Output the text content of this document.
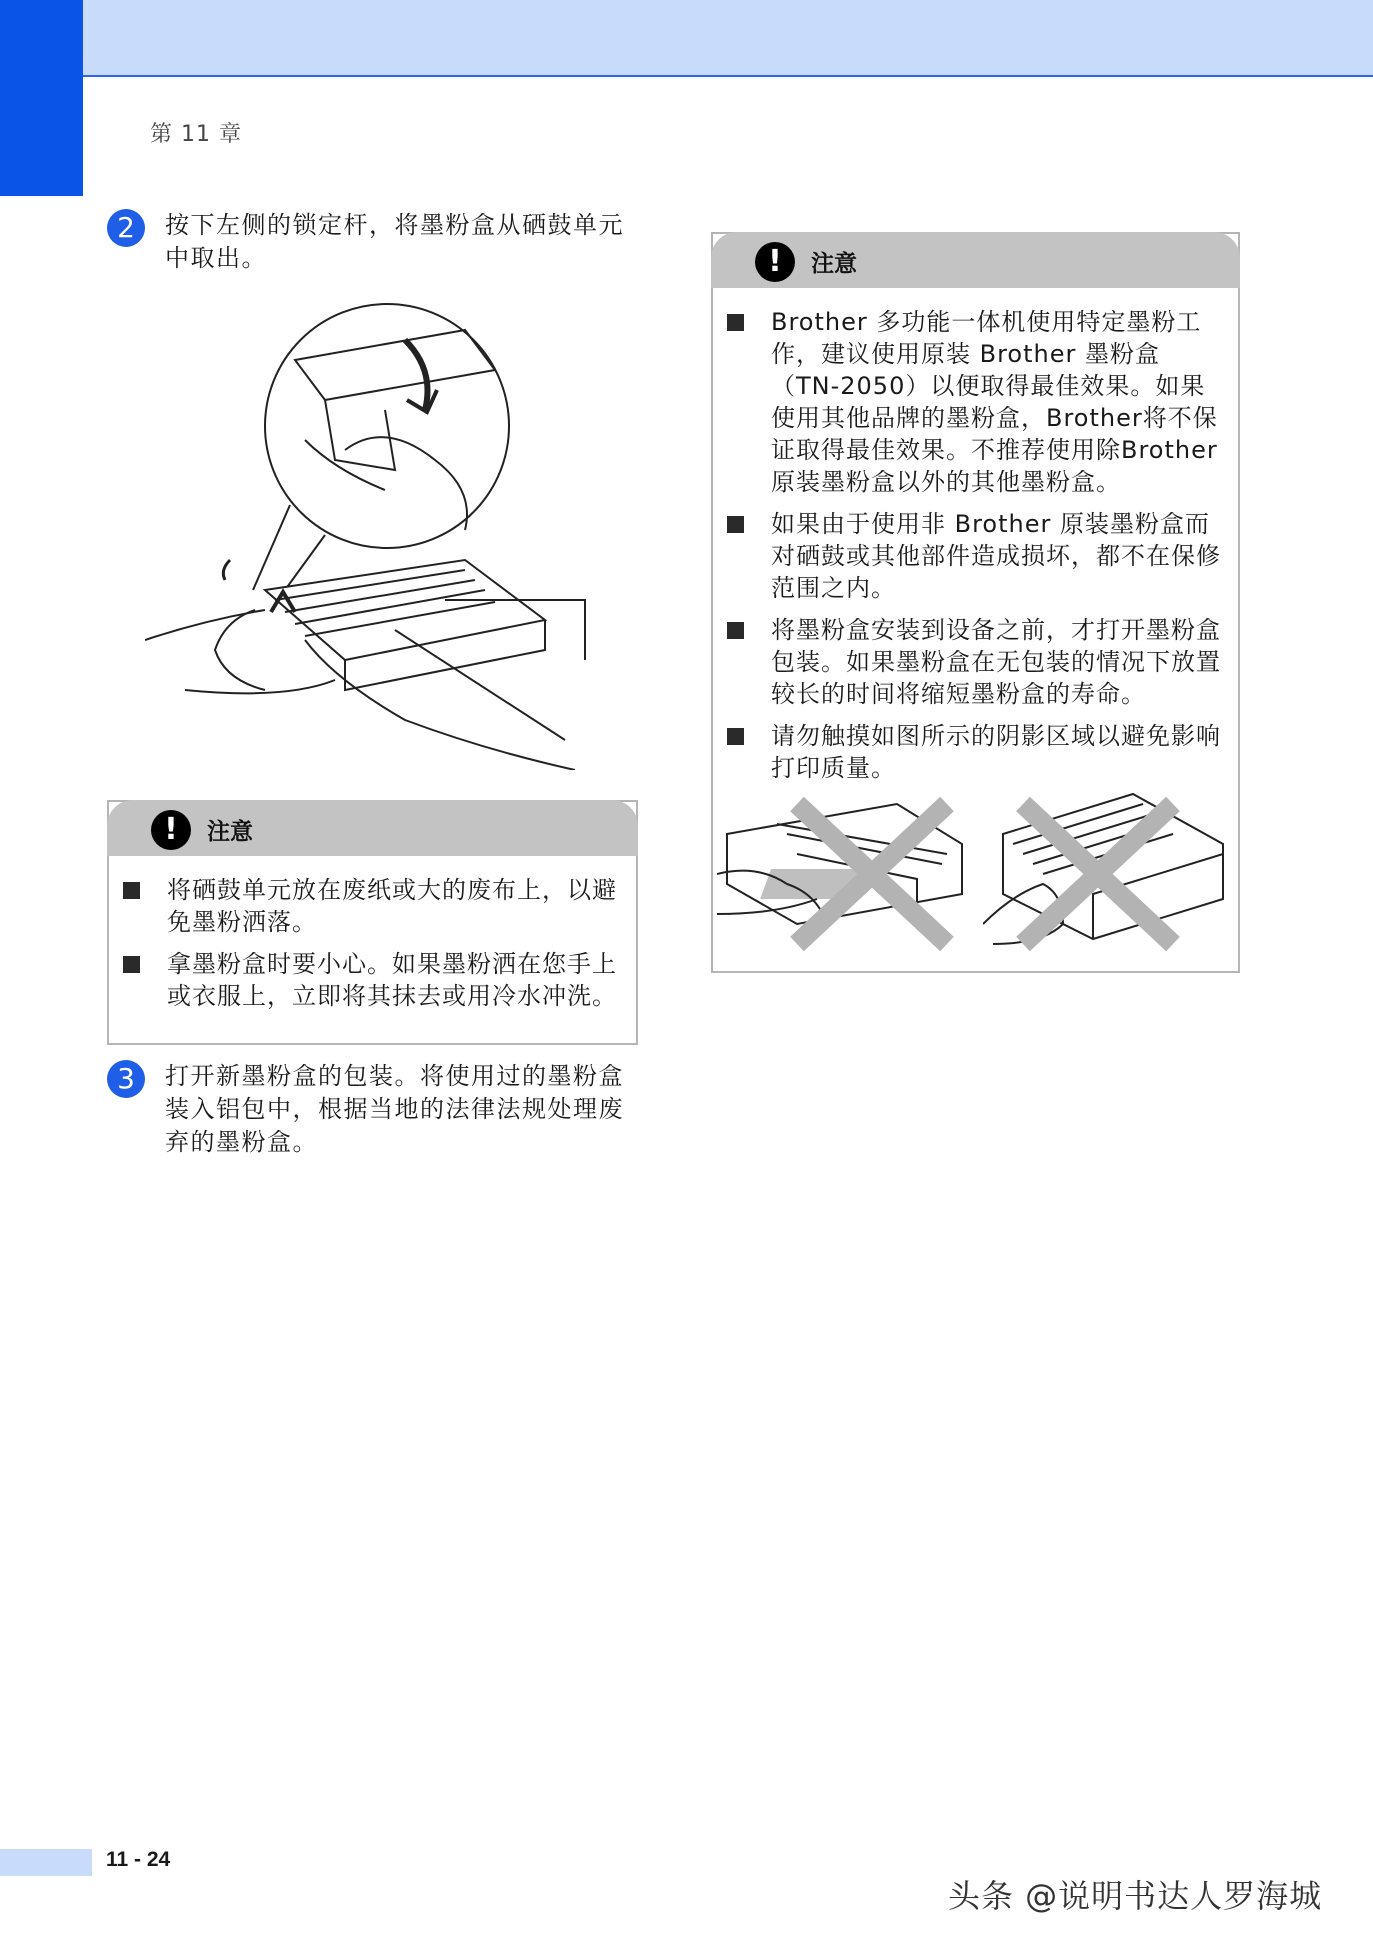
第 11 章
2	按下左侧的锁定杆，将墨粉盒从硒鼓单元中取出。
!	注意
将硒鼓单元放在废纸或大的废布上，以避免墨粉洒落。
拿墨粉盒时要小心。如果墨粉洒在您手上或衣服上，立即将其抹去或用冷水冲洗。
3	打开新墨粉盒的包装。将使用过的墨粉盒装入铝包中，根据当地的法律法规处理废弃的墨粉盒。
!	注意
Brother 多功能一体机使用特定墨粉工作，建议使用原装 Brother 墨粉盒（TN-2050）以便取得最佳效果。如果使用其他品牌的墨粉盒，Brother将不保证取得最佳效果。不推荐使用除Brother原装墨粉盒以外的其他墨粉盒。
如果由于使用非 Brother 原装墨粉盒而对硒鼓或其他部件造成损坏，都不在保修范围之内。
将墨粉盒安装到设备之前，才打开墨粉盒包装。如果墨粉盒在无包装的情况下放置较长的时间将缩短墨粉盒的寿命。
请勿触摸如图所示的阴影区域以避免影响打印质量。
11 - 24
头条 @说明书达人罗海城
